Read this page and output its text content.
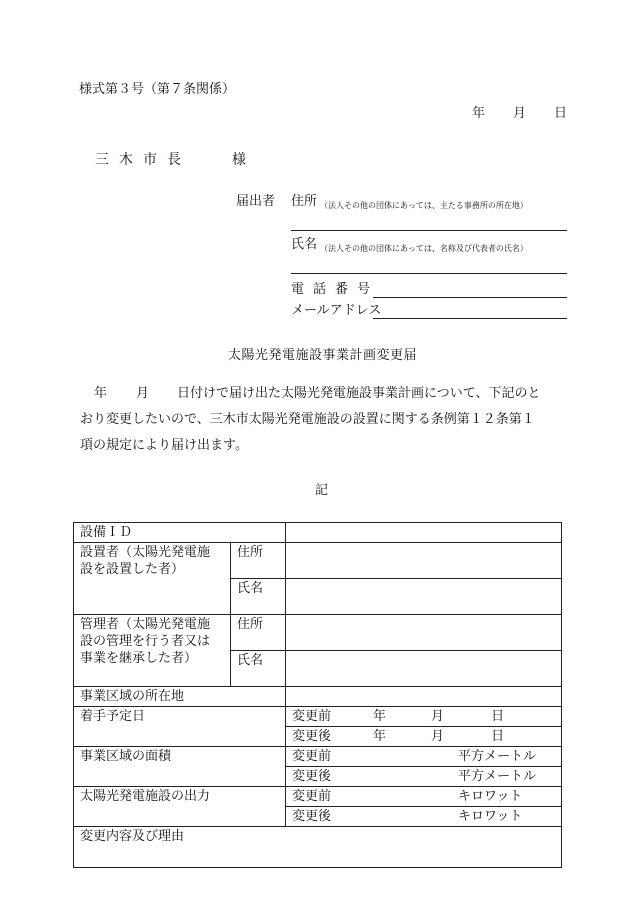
様式第３号（第７条関係）
年 月 日
三木市長	様
届出者 住所 （法人その他の団体にあっては、主たる事務所の所在地）
氏名 （法人その他の団体にあっては、名称及び代表者の氏名）
電話番号
メールアドレス
太陽光発電施設事業計画変更届
年 月 日付けで届け出た太陽光発電施設事業計画について、下記のと
おり変更したいので、三木市太陽光発電施設の設置に関する条例第１２条第１
項の規定により届け出ます。
記
設備ＩＤ		

設置者（太陽光発電施
設を設置した者）	住所	
	氏名	

管理者（太陽光発電施
設の管理を行う者又は
事業を継承した者）	住所	
	氏名	
事業区域の所在地		
着手予定日		変更前 年 月 日
		変更後 年 月 日
事業区域の面積		変更前 平方メートル
		変更後 平方メートル
太陽光発電施設の出力		変更前 キロワット
		変更後 キロワット
変更内容及び理由		
